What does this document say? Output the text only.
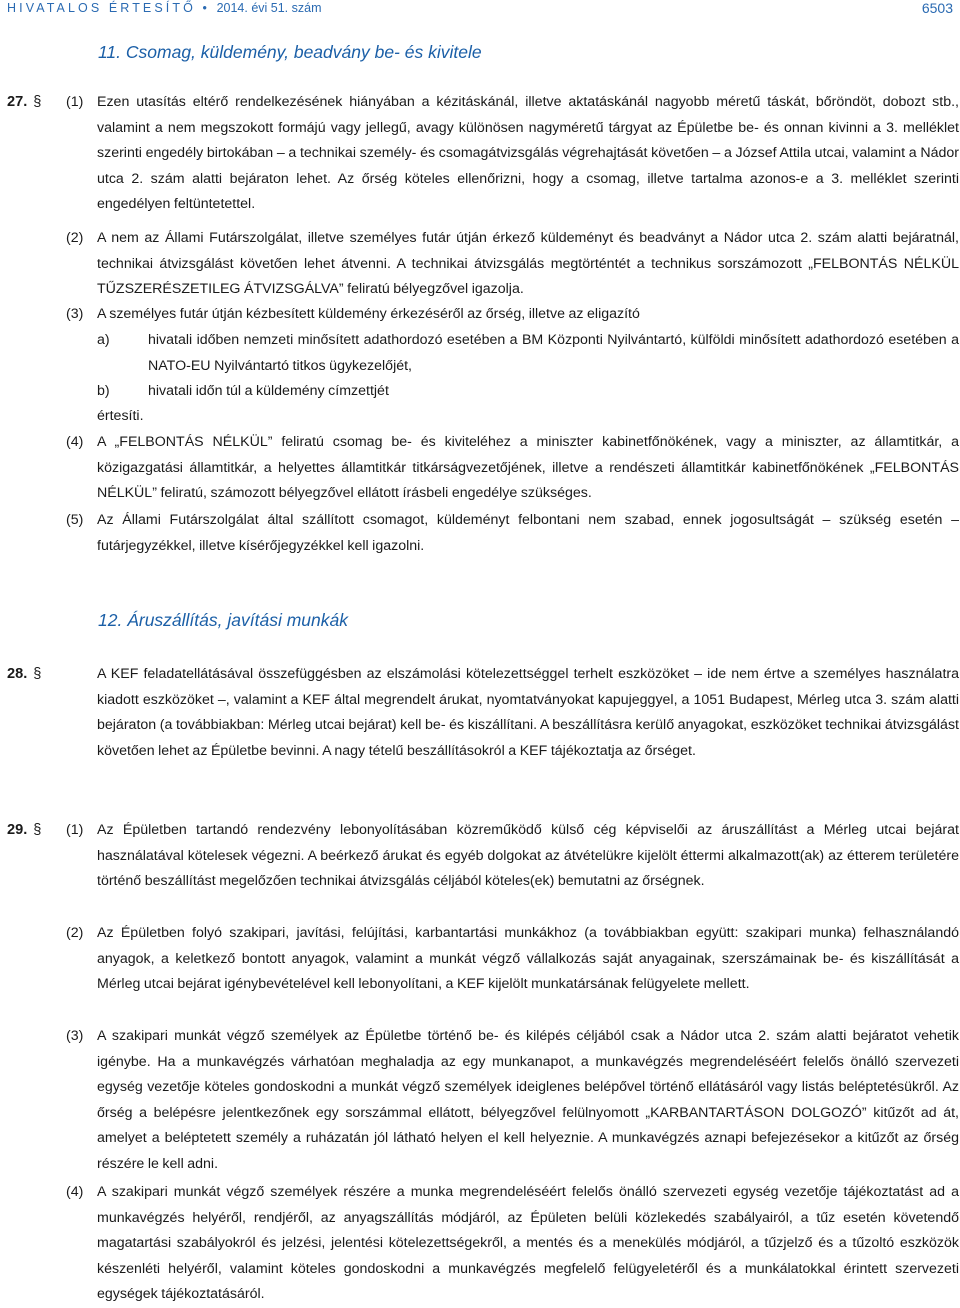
HIVATALOS ÉRTESÍTŐ • 2014. évi 51. szám	6503
11. Csomag, küldemény, beadvány be- és kivitele
27. § (1) Ezen utasítás eltérő rendelkezésének hiányában a kézitáskánál, illetve aktatáskánál nagyobb méretű táskát, bőröndöt, dobozt stb., valamint a nem megszokott formájú vagy jellegű, avagy különösen nagyméretű tárgyat az Épületbe be- és onnan kivinni a 3. melléklet szerinti engedély birtokában – a technikai személy- és csomagátvizsgálás végrehajtását követően – a József Attila utcai, valamint a Nádor utca 2. szám alatti bejáraton lehet. Az őrség köteles ellenőrizni, hogy a csomag, illetve tartalma azonos-e a 3. melléklet szerinti engedélyen feltüntetettel.
(2) A nem az Állami Futárszolgálat, illetve személyes futár útján érkező küldeményt és beadványt a Nádor utca 2. szám alatti bejáratnál, technikai átvizsgálást követően lehet átvenni. A technikai átvizsgálás megtörténtét a technikus sorszámozott „FELBONTÁS NÉLKÜL TŰZSZERÉSZETILEG ÁTVIZSGÁLVA” feliratú bélyegzővel igazolja.
(3) A személyes futár útján kézbesített küldemény érkezéséről az őrség, illetve az eligazító
a)	hivatali időben nemzeti minősített adathordozó esetében a BM Központi Nyilvántartó, külföldi minősített adathordozó esetében a NATO-EU Nyilvántartó titkos ügykezelőjét,
b)	hivatali időn túl a küldemény címzettjét
értesíti.
(4) A „FELBONTÁS NÉLKÜL” feliratú csomag be- és kiviteléhez a miniszter kabinetfőnökének, vagy a miniszter, az államtitkár, a közigazgatási államtitkár, a helyettes államtitkár titkárságvezetőjének, illetve a rendészeti államtitkár kabinetfőnökének „FELBONTÁS NÉLKÜL” feliratú, számozott bélyegzővel ellátott írásbeli engedélye szükséges.
(5) Az Állami Futárszolgálat által szállított csomagot, küldeményt felbontani nem szabad, ennek jogosultságát – szükség esetén – futárjegyzékkel, illetve kísérőjegyzékkel kell igazolni.
12. Áruszállítás, javítási munkák
28. §	A KEF feladatellátásával összefüggésben az elszámolási kötelezettséggel terhelt eszközöket – ide nem értve a személyes használatra kiadott eszközöket –, valamint a KEF által megrendelt árukat, nyomtatványokat kapujeggyel, a 1051 Budapest, Mérleg utca 3. szám alatti bejáraton (a továbbiakban: Mérleg utcai bejárat) kell be- és kiszállítani. A beszállításra kerülő anyagokat, eszközöket technikai átvizsgálást követően lehet az Épületbe bevinni. A nagy tételű beszállításokról a KEF tájékoztatja az őrséget.
29. § (1) Az Épületben tartandó rendezvény lebonyolításában közreműködő külső cég képviselői az áruszállítást a Mérleg utcai bejárat használatával kötelesek végezni. A beérkező árukat és egyéb dolgokat az átvételükre kijelölt éttermi alkalmazott(ak) az étterem területére történő beszállítást megelőzően technikai átvizsgálás céljából köteles(ek) bemutatni az őrségnek.
(2) Az Épületben folyó szakipari, javítási, felújítási, karbantartási munkákhoz (a továbbiakban együtt: szakipari munka) felhasználandó anyagok, a keletkező bontott anyagok, valamint a munkát végző vállalkozás saját anyagainak, szerszámainak be- és kiszállítását a Mérleg utcai bejárat igénybevételével kell lebonyolítani, a KEF kijelölt munkatársának felügyelete mellett.
(3) A szakipari munkát végző személyek az Épületbe történő be- és kilépés céljából csak a Nádor utca 2. szám alatti bejáratot vehetik igénybe. Ha a munkavégzés várhatóan meghaladja az egy munkanapot, a munkavégzés megrendeléséért felelős önálló szervezeti egység vezetője köteles gondoskodni a munkát végző személyek ideiglenes belépővel történő ellátásáról vagy listás beléptetésükről. Az őrség a belépésre jelentkezőnek egy sorszámmal ellátott, bélyegzővel felülnyomott „KARBANTARTÁSON DOLGOZÓ” kitűzőt ad át, amelyet a beléptetett személy a ruházatán jól látható helyen el kell helyeznie. A munkavégzés aznapi befejezésekor a kitűzőt az őrség részére le kell adni.
(4) A szakipari munkát végző személyek részére a munka megrendeléséért felelős önálló szervezeti egység vezetője tájékoztatást ad a munkavégzés helyéről, rendjéről, az anyagszállítás módjáról, az Épületen belüli közlekedés szabályairól, a tűz esetén követendő magatartási szabályokról és jelzési, jelentési kötelezettségekről, a mentés és a menekülés módjáról, a tűzjelző és a tűzoltó eszközök készenléti helyéről, valamint köteles gondoskodni a munkavégzés megfelelő felügyeletéről és a munkálatokkal érintett szervezeti egységek tájékoztatásáról.
